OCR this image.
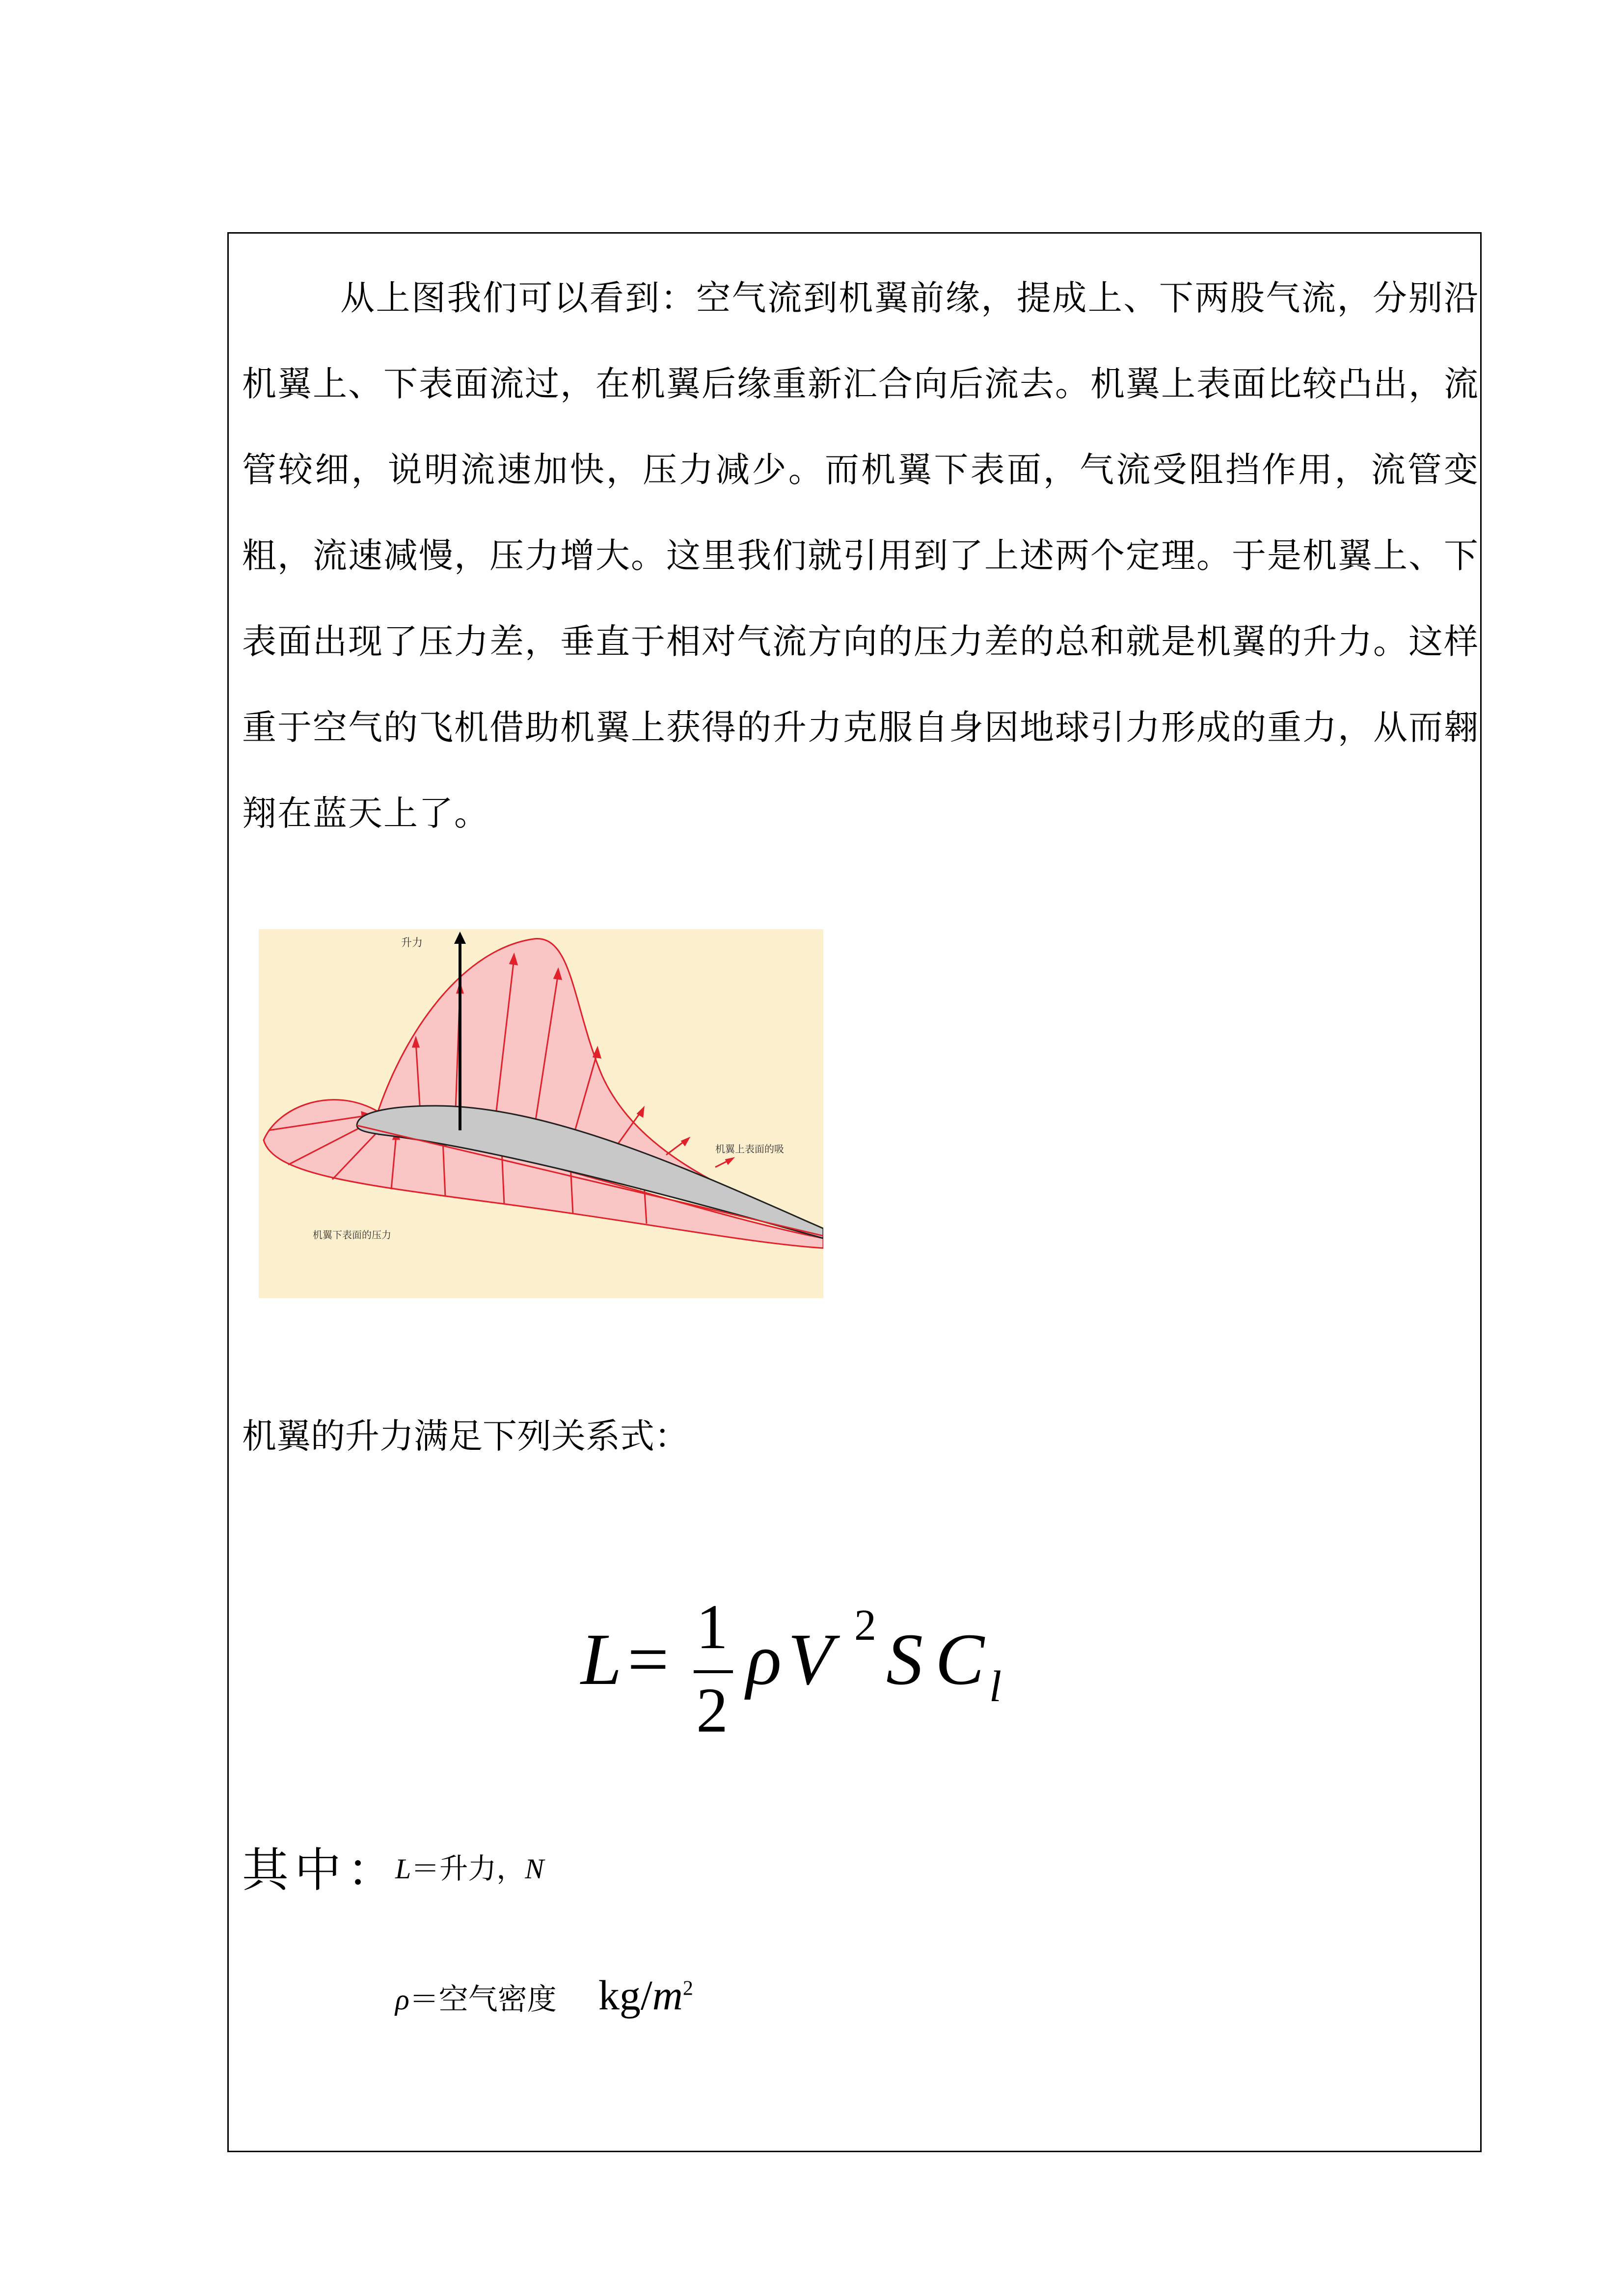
从上图我们可以看到：空气流到机翼前缘，提成上、下两股气流，分别沿机翼上、下表面流过，在机翼后缘重新汇合向后流去。机翼上表面比较凸出，流管较细，说明流速加快，压力减少。而机翼下表面，气流受阻挡作用，流管变粗，流速减慢，压力增大。这里我们就引用到了上述两个定理。于是机翼上、下表面出现了压力差，垂直于相对气流方向的压力差的总和就是机翼的升力。这样重于空气的飞机借助机翼上获得的升力克服自身因地球引力形成的重力，从而翱翔在蓝天上了。

升力
机翼上表面的吸
机翼下表面的压力

机翼的升力满足下列关系式：

L = 1
2
ρ V 2 S C l

其中：

L＝升力，N
ρ＝空气密度 $kg/m^2$
